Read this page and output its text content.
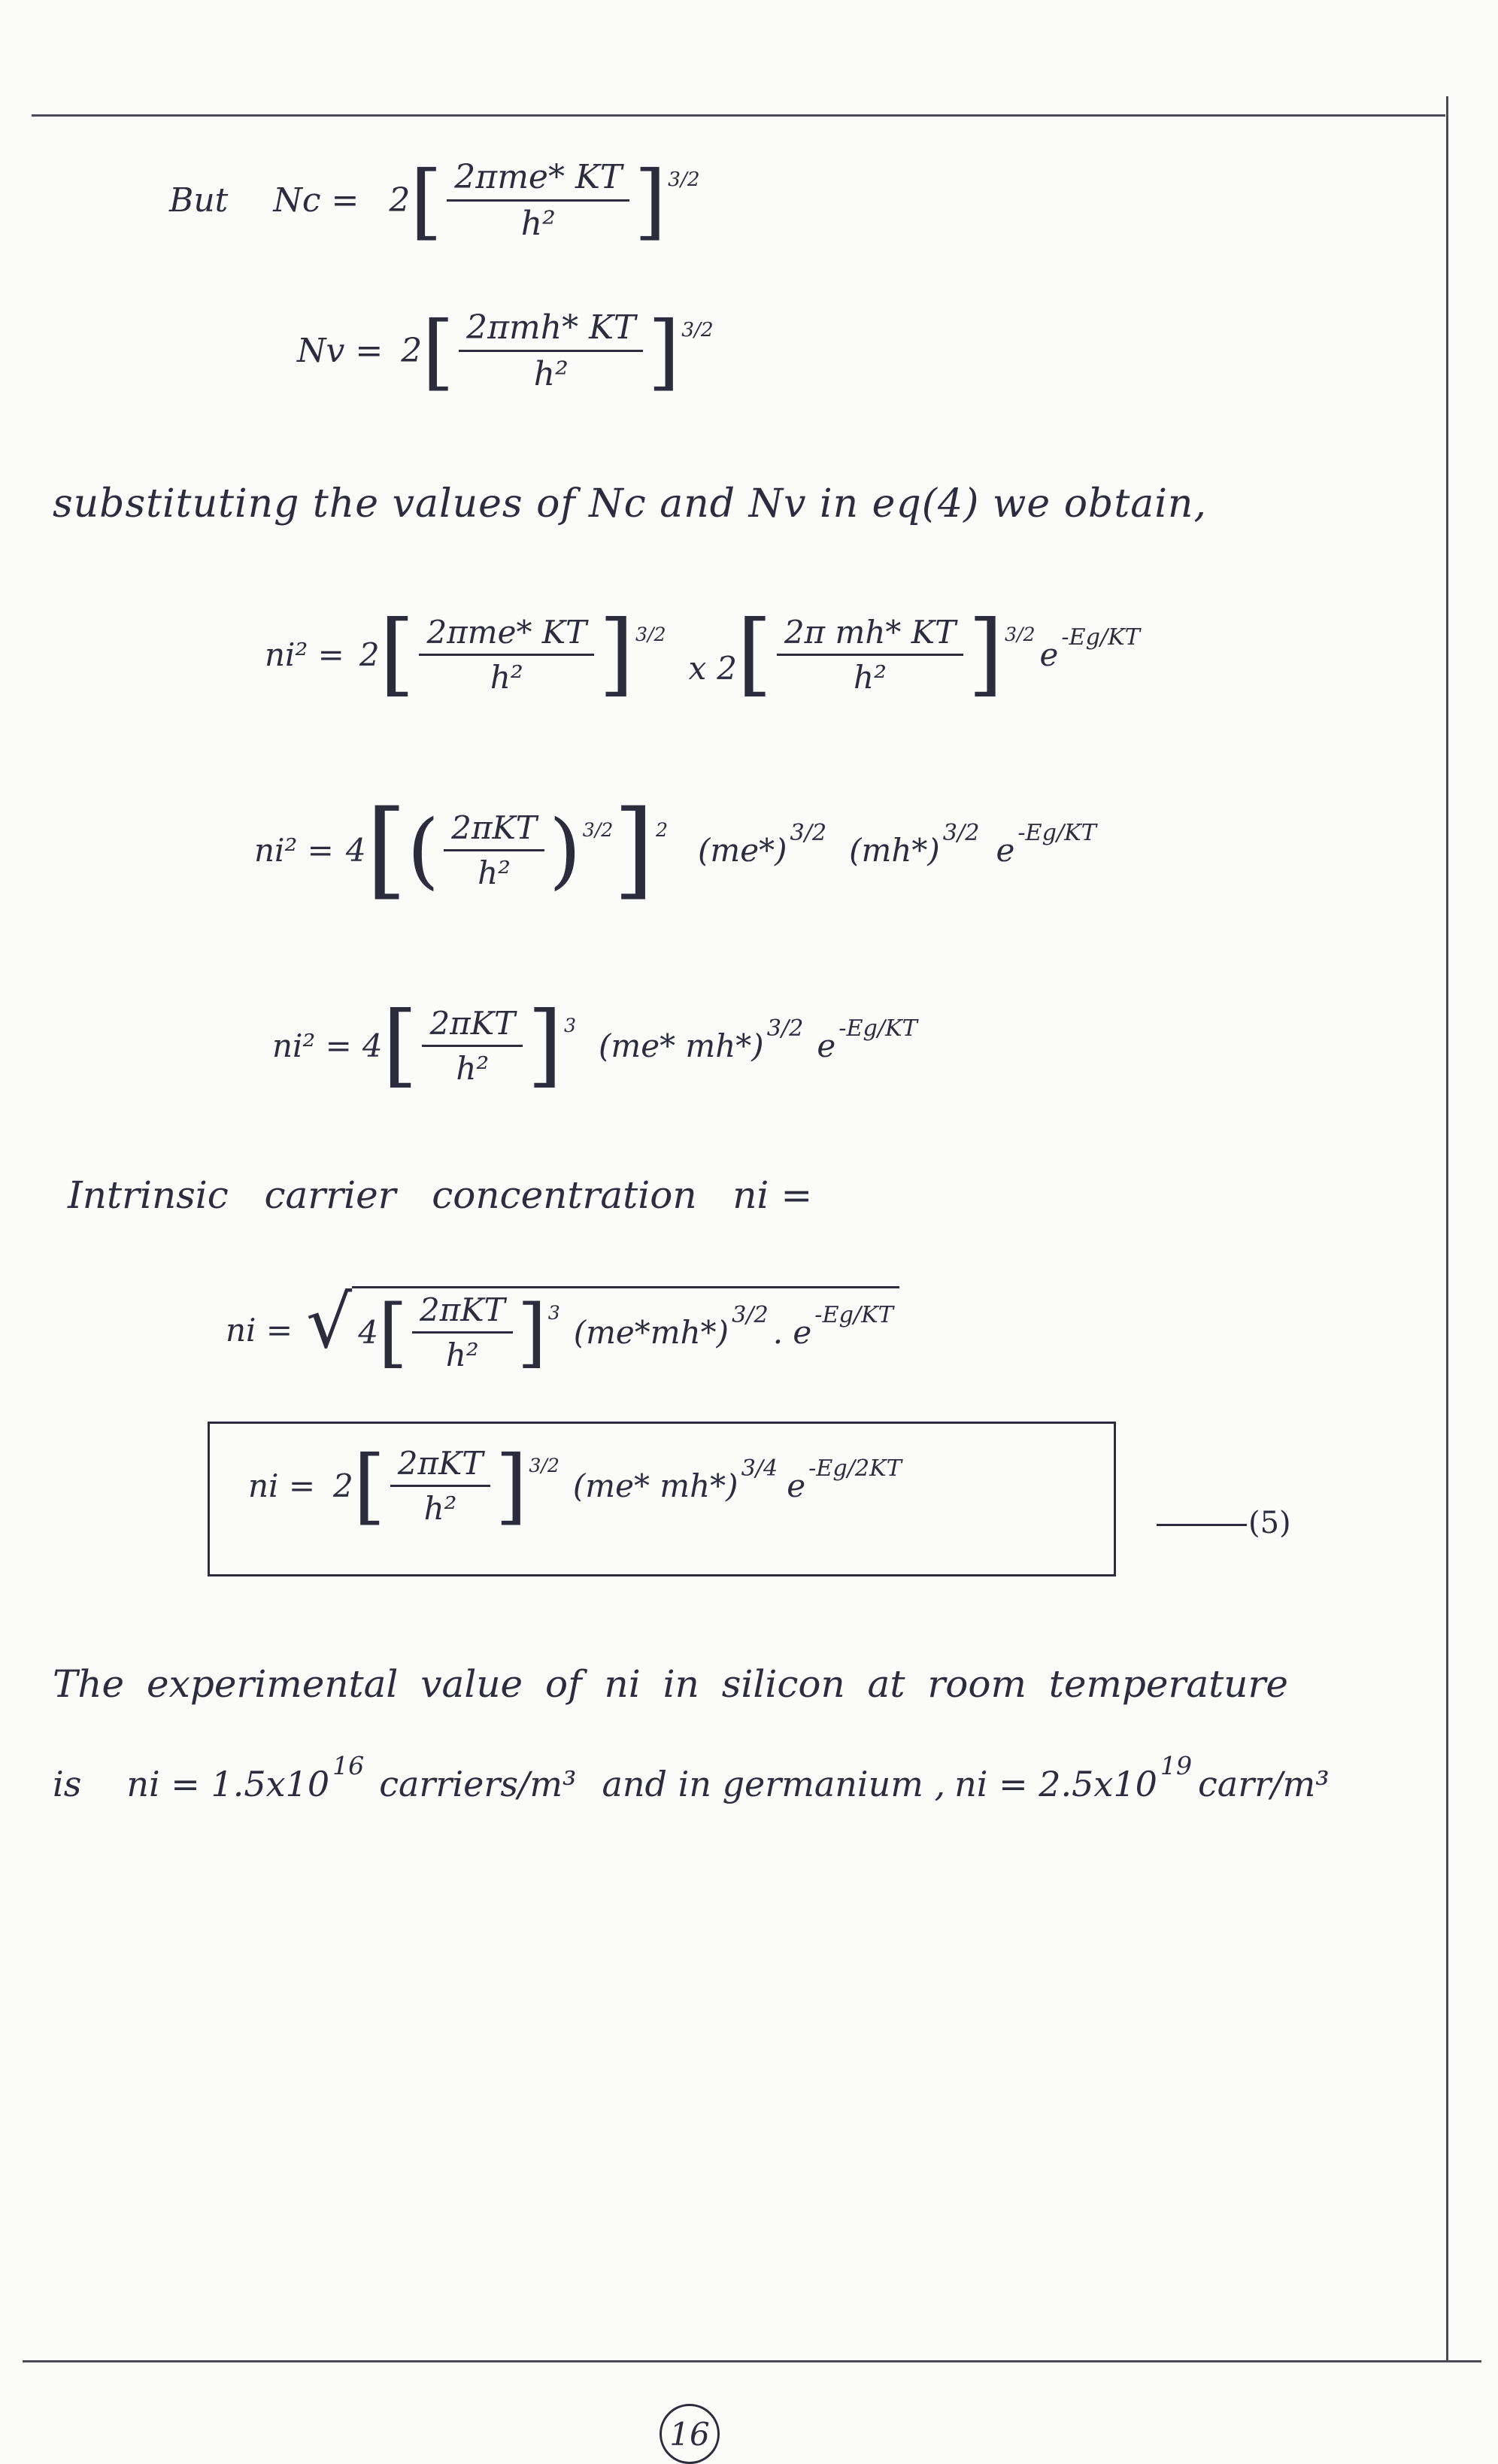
But Nc = 2 [ $\frac{\text{2πme* KT}}{\text{h²}}$ ] 3/2
Nv = 2 [ $\frac{\text{2πmh* KT}}{\text{h²}}$ ] 3/2
substituting the values of Nc and Nv in eq(4) we obtain,
ni² = 2 [ $\frac{\text{2πme* KT}}{\text{h²}}$ ] 3/2
x 2 [ $\frac{\text{2π mh* KT}}{\text{h²}}$ ] 3/2
e -Eg/KT
ni² = 4 [ ( $\frac{\text{2πKT}}{\text{h²}}$ ) 3/2 ] 2
(me*) 3/2 (mh*) 3/2 e -Eg/KT
ni² = 4 [ $\frac{\text{2πKT}}{\text{h²}}$ ] 3
(me* mh*) 3/2 e -Eg/KT
Intrinsic   carrier   concentration   ni =
ni = √ 4 [ $\frac{\text{2πKT}}{\text{h²}}$ ] 3
(me*mh*) 3/2 . e -Eg/KT
ni = 2 [ $\frac{\text{2πKT}}{\text{h²}}$ ] 3/2
(me* mh*) 3/4 e -Eg/2KT
(5)
The experimental value of ni in silicon at room temperature
is ni = 1.5x10 16 carriers/m³ and in germanium , ni = 2.5x10 19 carr/m³
16
